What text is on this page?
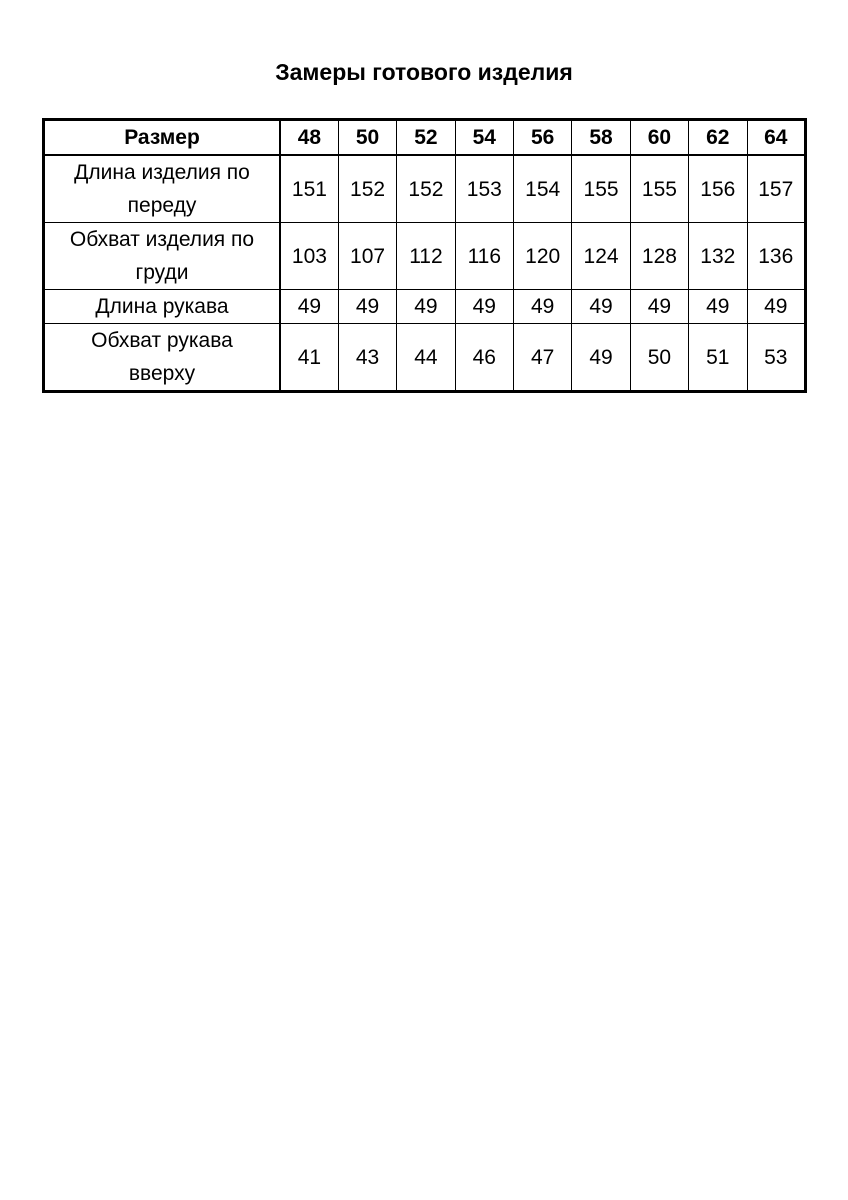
Замеры готового изделия
Размер	48	50	52	54	56	58	60	62	64

Длина изделия по
переду	151	152	152	153	154	155	155	156	157

Обхват изделия по
груди	103	107	112	116	120	124	128	132	136

Длина рукава	49	49	49	49	49	49	49	49	49

Обхват рукава
вверху	41	43	44	46	47	49	50	51	53
